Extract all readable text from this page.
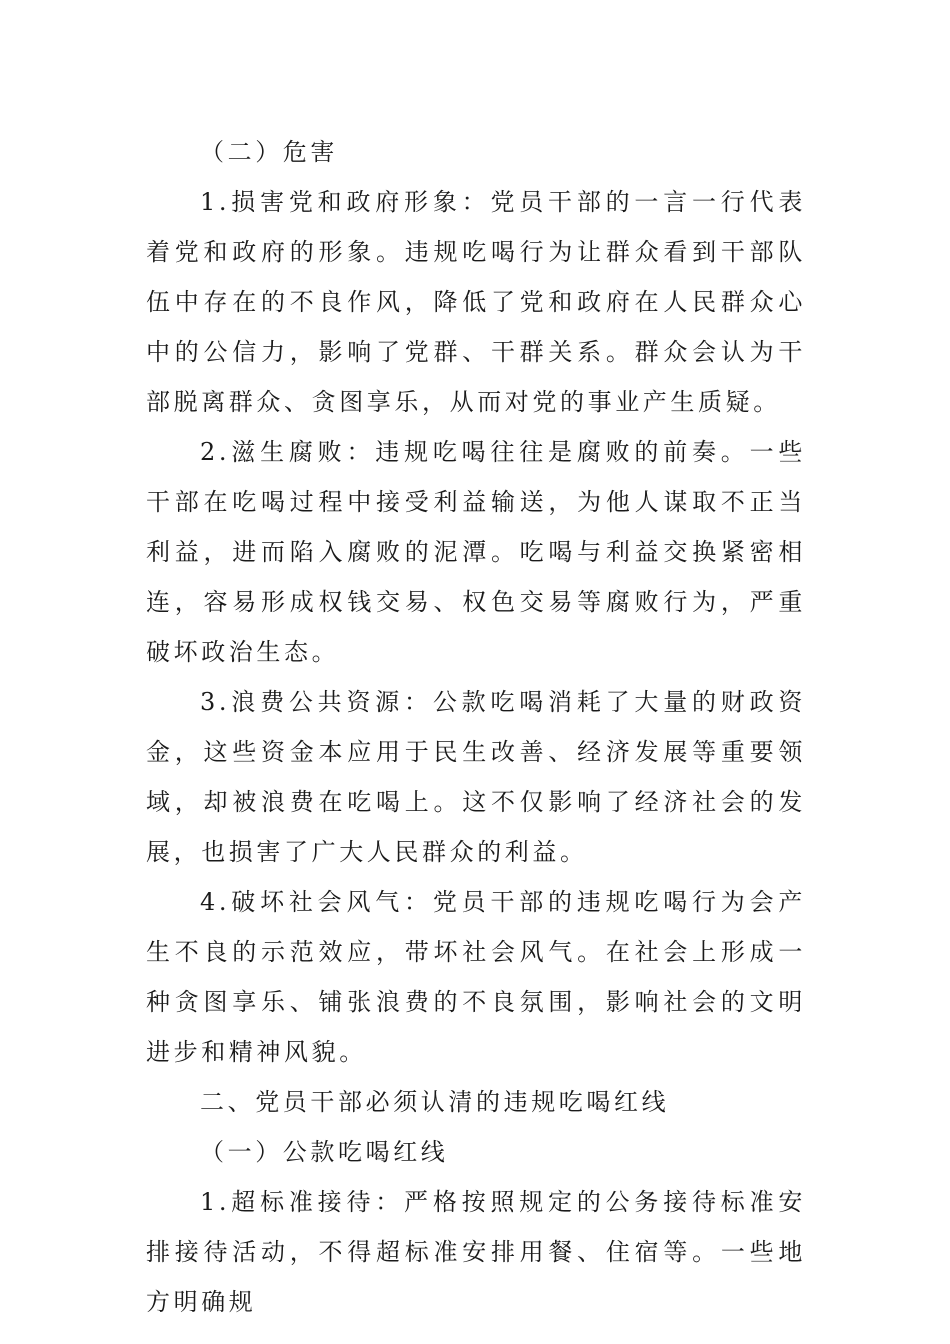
（二）危害

1.损害党和政府形象：党员干部的一言一行代表着党和政府的形象。违规吃喝行为让群众看到干部队伍中存在的不良作风，降低了党和政府在人民群众心中的公信力，影响了党群、干群关系。群众会认为干部脱离群众、贪图享乐，从而对党的事业产生质疑。

2.滋生腐败：违规吃喝往往是腐败的前奏。一些干部在吃喝过程中接受利益输送，为他人谋取不正当利益，进而陷入腐败的泥潭。吃喝与利益交换紧密相连，容易形成权钱交易、权色交易等腐败行为，严重破坏政治生态。

3.浪费公共资源：公款吃喝消耗了大量的财政资金，这些资金本应用于民生改善、经济发展等重要领域，却被浪费在吃喝上。这不仅影响了经济社会的发展，也损害了广大人民群众的利益。

4.破坏社会风气：党员干部的违规吃喝行为会产生不良的示范效应，带坏社会风气。在社会上形成一种贪图享乐、铺张浪费的不良氛围，影响社会的文明进步和精神风貌。

二、党员干部必须认清的违规吃喝红线

（一）公款吃喝红线

1.超标准接待：严格按照规定的公务接待标准安排接待活动，不得超标准安排用餐、住宿等。一些地方明确规
